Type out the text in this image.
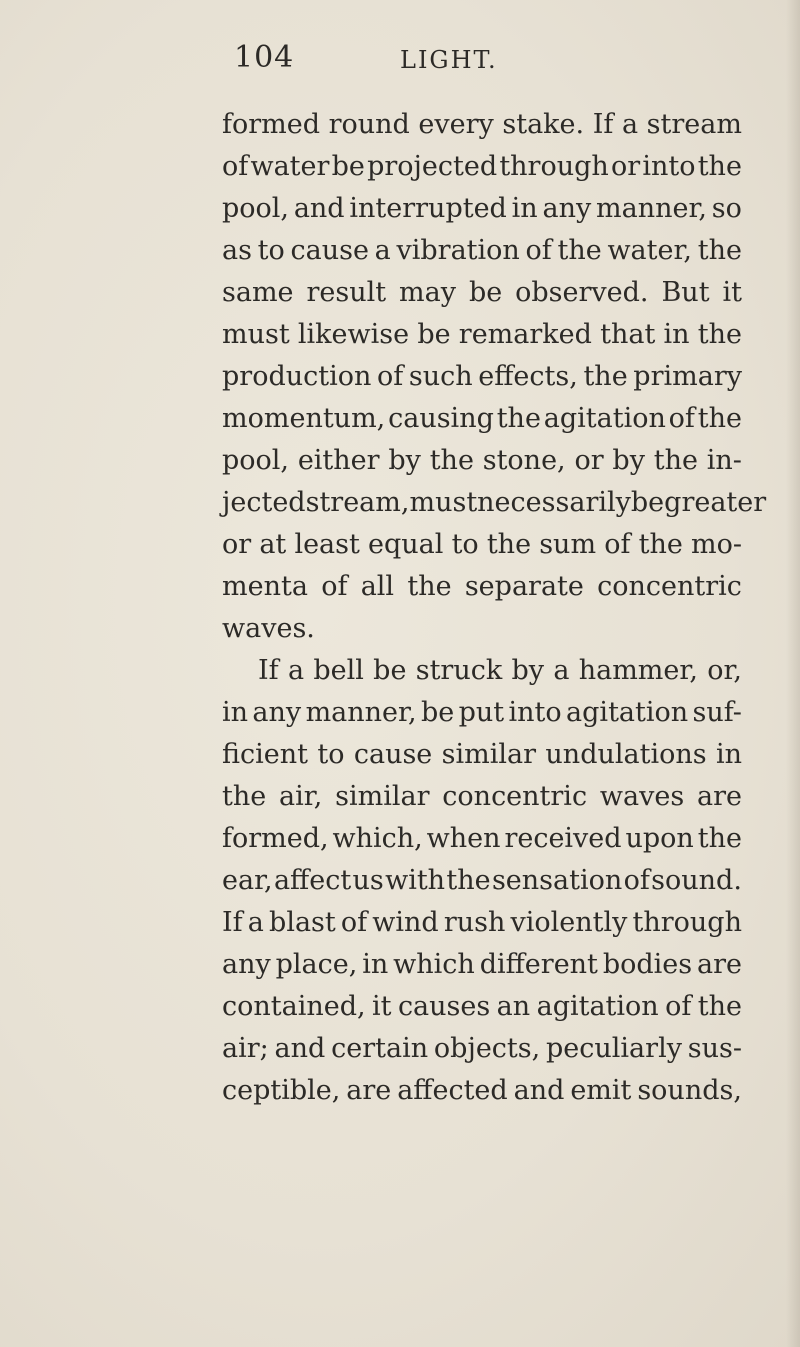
104	LIGHT.
formed round every stake. If a stream
of water be projected through or into the
pool, and interrupted in any manner, so
as to cause a vibration of the water, the
same result may be observed. But it
must likewise be remarked that in the
production of such effects, the primary
momentum, causing the agitation of the
pool, either by the stone, or by the in-
jected stream, must necessarily be greater
or at least equal to the sum of the mo-
menta of all the separate concentric
waves.
If a bell be struck by a hammer, or,
in any manner, be put into agitation suf-
ficient to cause similar undulations in
the air, similar concentric waves are
formed, which, when received upon the
ear, affect us with the sensation of sound.
If a blast of wind rush violently through
any place, in which different bodies are
contained, it causes an agitation of the
air; and certain objects, peculiarly sus-
ceptible, are affected and emit sounds,
